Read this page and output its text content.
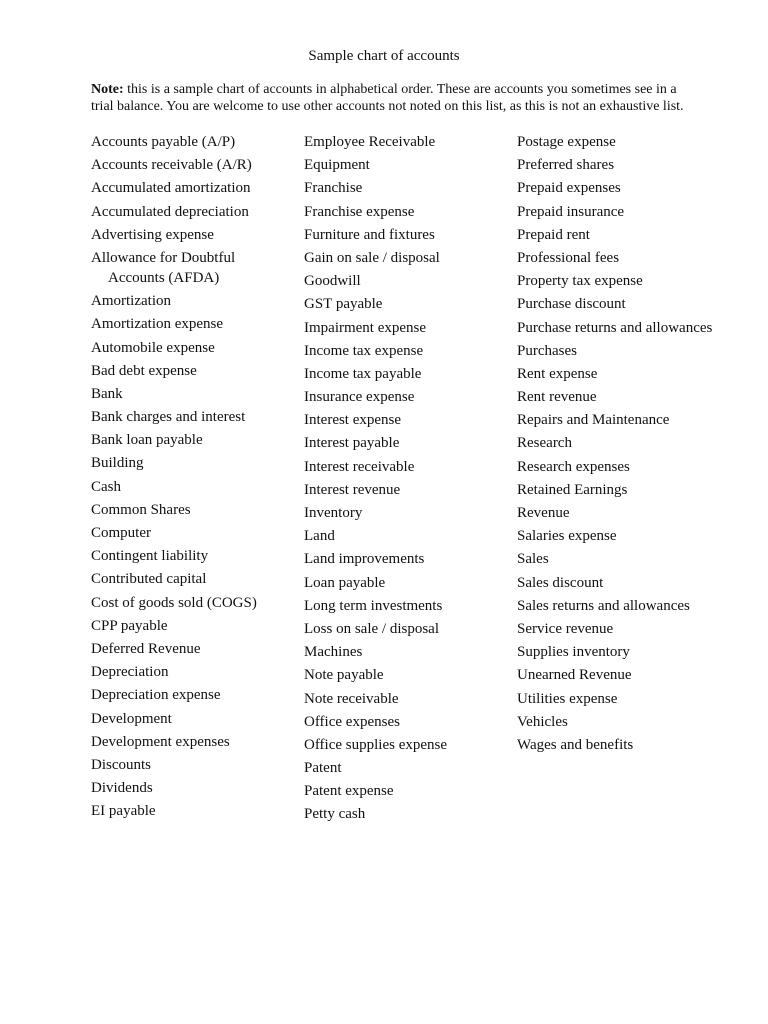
Sample chart of accounts
Note: this is a sample chart of accounts in alphabetical order. These are accounts you sometimes see in a trial balance. You are welcome to use other accounts not noted on this list, as this is not an exhaustive list.
Accounts payable (A/P)
Accounts receivable (A/R)
Accumulated amortization
Accumulated depreciation
Advertising expense
Allowance for Doubtful
Accounts (AFDA)
Amortization
Amortization expense
Automobile expense
Bad debt expense
Bank
Bank charges and interest
Bank loan payable
Building
Cash
Common Shares
Computer
Contingent liability
Contributed capital
Cost of goods sold (COGS)
CPP payable
Deferred Revenue
Depreciation
Depreciation expense
Development
Development expenses
Discounts
Dividends
EI payable
Employee Receivable
Equipment
Franchise
Franchise expense
Furniture and fixtures
Gain on sale / disposal
Goodwill
GST payable
Impairment expense
Income tax expense
Income tax payable
Insurance expense
Interest expense
Interest payable
Interest receivable
Interest revenue
Inventory
Land
Land improvements
Loan payable
Long term investments
Loss on sale / disposal
Machines
Note payable
Note receivable
Office expenses
Office supplies expense
Patent
Patent expense
Petty cash
Postage expense
Preferred shares
Prepaid expenses
Prepaid insurance
Prepaid rent
Professional fees
Property tax expense
Purchase discount
Purchase returns and allowances
Purchases
Rent expense
Rent revenue
Repairs and Maintenance
Research
Research expenses
Retained Earnings
Revenue
Salaries expense
Sales
Sales discount
Sales returns and allowances
Service revenue
Supplies inventory
Unearned Revenue
Utilities expense
Vehicles
Wages and benefits
